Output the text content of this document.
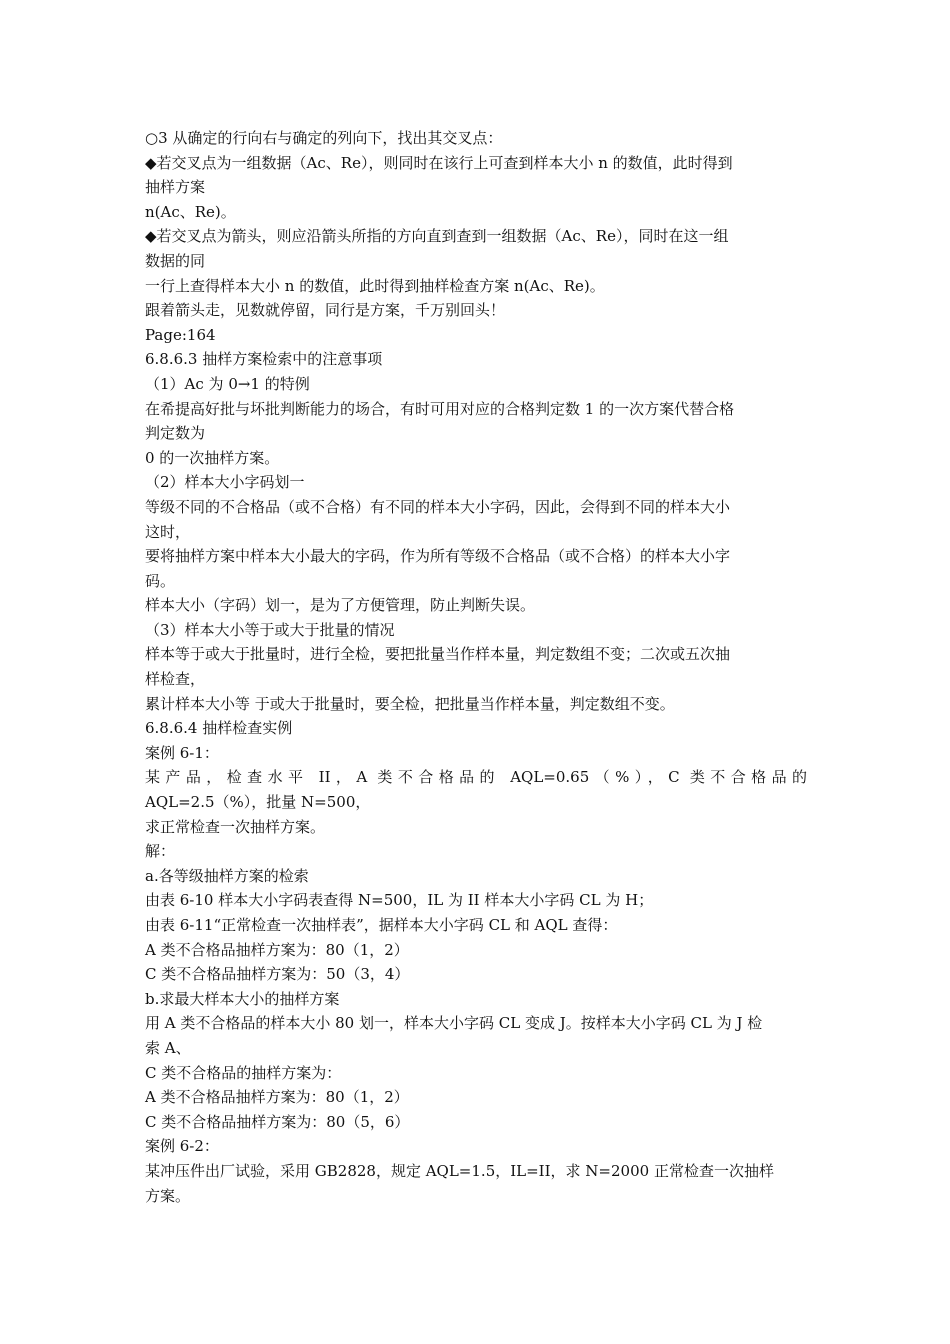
○3 从确定的行向右与确定的列向下，找出其交叉点：
◆若交叉点为一组数据（Ac、Re），则同时在该行上可查到样本大小 n 的数值，此时得到
抽样方案
n(Ac、Re)。
◆若交叉点为箭头，则应沿箭头所指的方向直到查到一组数据（Ac、Re），同时在这一组
数据的同
一行上查得样本大小 n 的数值，此时得到抽样检查方案 n(Ac、Re)。
跟着箭头走，见数就停留，同行是方案，千万别回头！
Page:164
6.8.6.3 抽样方案检索中的注意事项
（1）Ac 为 0→1 的特例
在希提高好批与坏批判断能力的场合，有时可用对应的合格判定数 1 的一次方案代替合格
判定数为
0 的一次抽样方案。
（2）样本大小字码划一
等级不同的不合格品（或不合格）有不同的样本大小字码，因此，会得到不同的样本大小
这时，
要将抽样方案中样本大小最大的字码，作为所有等级不合格品（或不合格）的样本大小字
码。
样本大小（字码）划一，是为了方便管理，防止判断失误。
（3）样本大小等于或大于批量的情况
样本等于或大于批量时，进行全检，要把批量当作样本量，判定数组不变；二次或五次抽
样检查，
累计样本大小等 于或大于批量时，要全检，把批量当作样本量，判定数组不变。
6.8.6.4 抽样检查实例
案例 6-1：
某产品，检查水平 II，A 类不合格品的 AQL=0.65（%），C 类不合格品的
AQL=2.5（%），批量 N=500，
求正常检查一次抽样方案。
解：
a.各等级抽样方案的检索
由表 6-10 样本大小字码表查得 N=500，IL 为 II 样本大小字码 CL 为 H；
由表 6-11“正常检查一次抽样表”，据样本大小字码 CL 和 AQL 查得：
A 类不合格品抽样方案为：80（1，2）
C 类不合格品抽样方案为：50（3，4）
b.求最大样本大小的抽样方案
用 A 类不合格品的样本大小 80 划一，样本大小字码 CL 变成 J。按样本大小字码 CL 为 J 检
索 A、
C 类不合格品的抽样方案为：
A 类不合格品抽样方案为：80（1，2）
C 类不合格品抽样方案为：80（5，6）
案例 6-2：
某冲压件出厂试验，采用 GB2828，规定 AQL=1.5，IL=II，求 N=2000 正常检查一次抽样
方案。
